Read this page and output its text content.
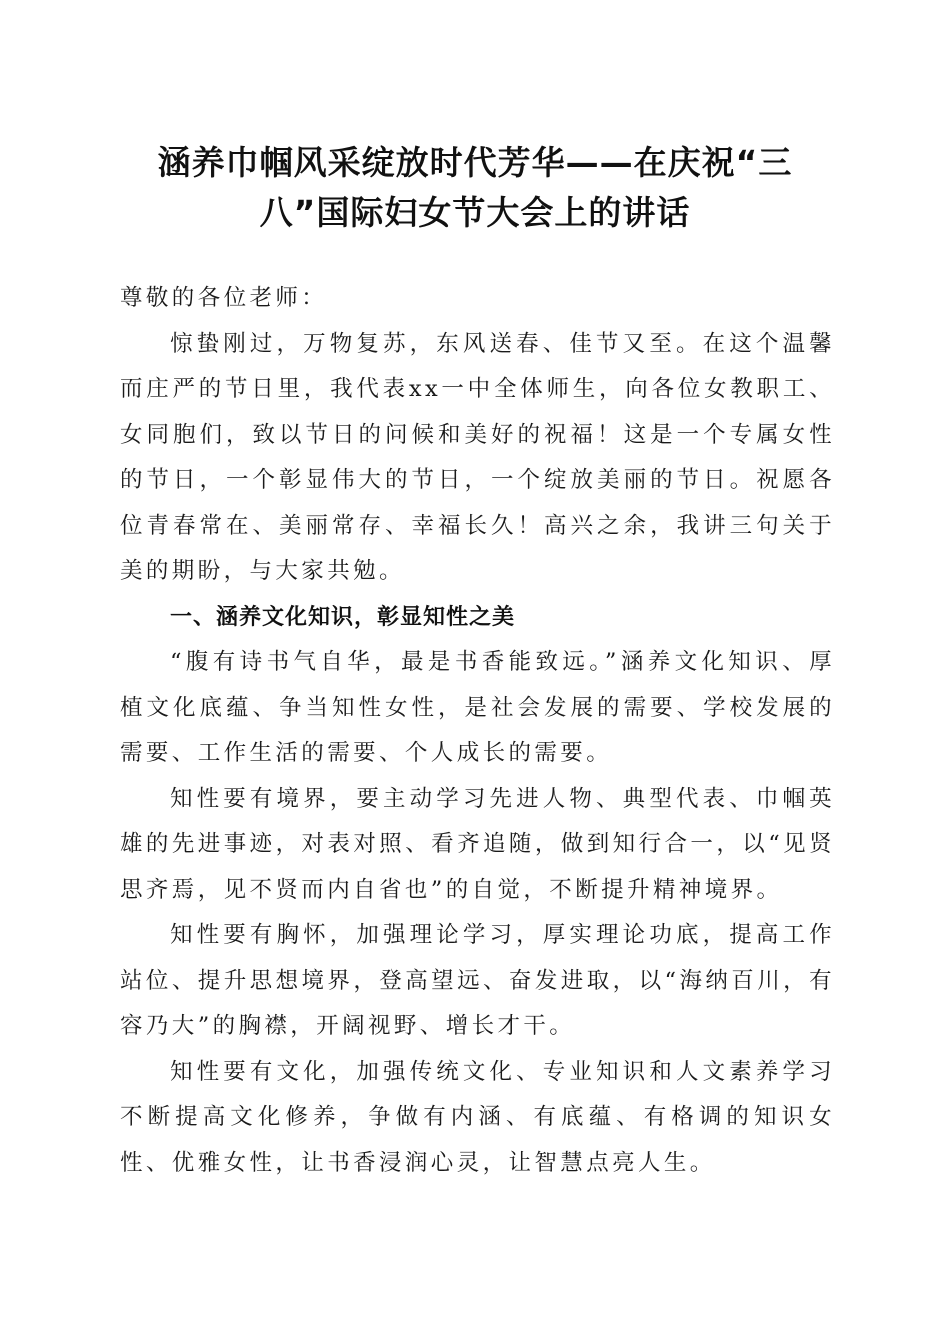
涵养巾帼风采绽放时代芳华——在庆祝“三八”国际妇女节大会上的讲话

尊敬的各位老师：

惊蛰刚过，万物复苏，东风送春、佳节又至。在这个温馨而庄严的节日里，我代表xx一中全体师生，向各位女教职工、女同胞们，致以节日的问候和美好的祝福！这是一个专属女性的节日，一个彰显伟大的节日，一个绽放美丽的节日。祝愿各位青春常在、美丽常存、幸福长久！高兴之余，我讲三句关于美的期盼，与大家共勉。

一、涵养文化知识，彰显知性之美

“腹有诗书气自华，最是书香能致远。”涵养文化知识、厚植文化底蕴、争当知性女性，是社会发展的需要、学校发展的需要、工作生活的需要、个人成长的需要。

知性要有境界，要主动学习先进人物、典型代表、巾帼英雄的先进事迹，对表对照、看齐追随，做到知行合一，以“见贤思齐焉，见不贤而内自省也”的自觉，不断提升精神境界。

知性要有胸怀，加强理论学习，厚实理论功底，提高工作站位、提升思想境界，登高望远、奋发进取，以“海纳百川，有容乃大”的胸襟，开阔视野、增长才干。

知性要有文化，加强传统文化、专业知识和人文素养学习不断提高文化修养，争做有内涵、有底蕴、有格调的知识女性、优雅女性，让书香浸润心灵，让智慧点亮人生。
